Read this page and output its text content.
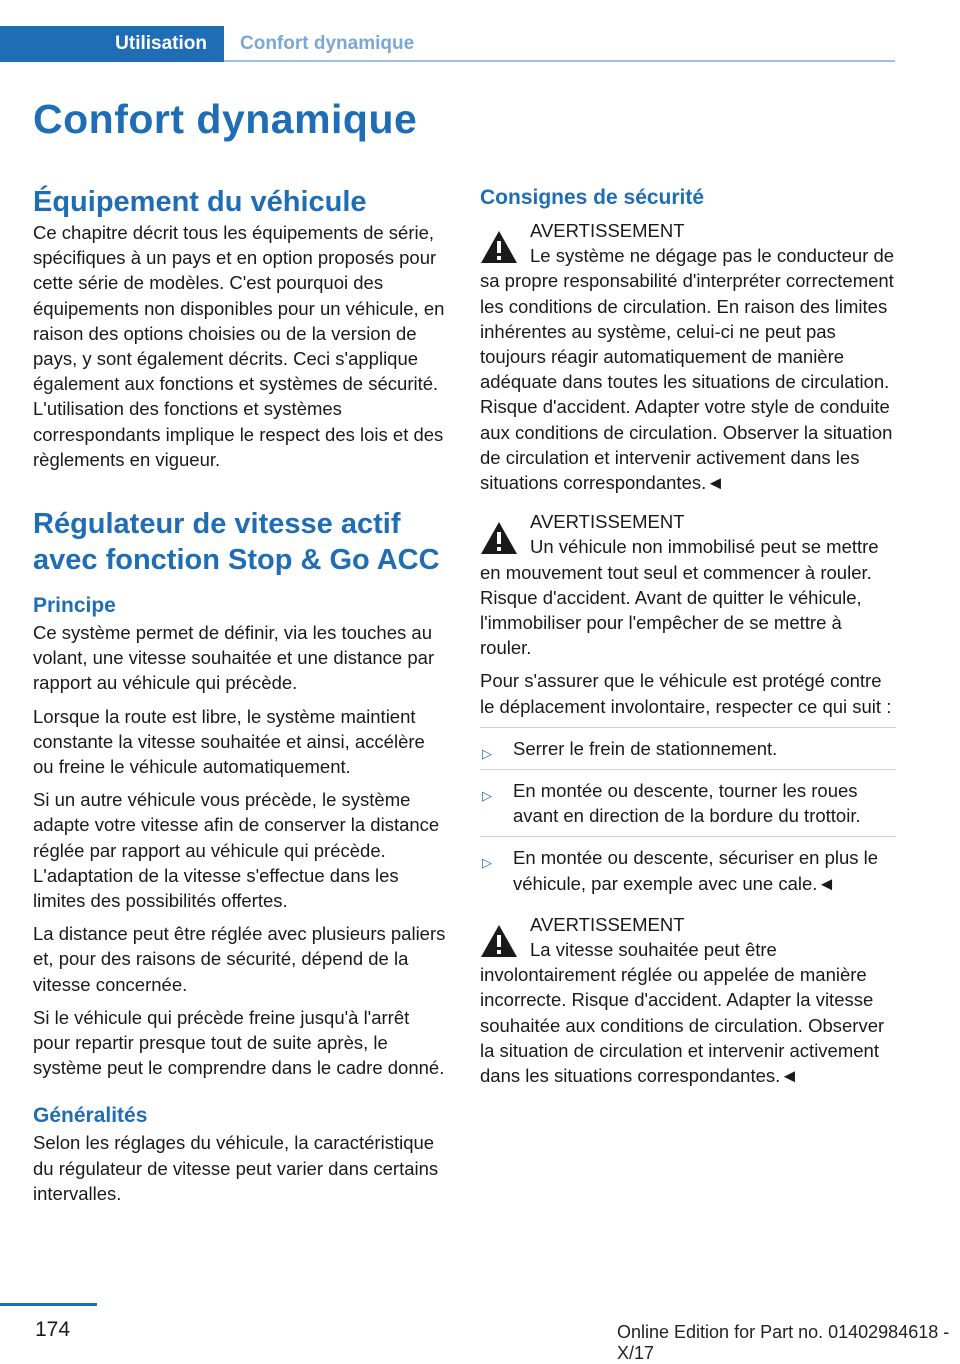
Utilisation	Confort dynamique
Confort dynamique
Équipement du véhicule

Ce chapitre décrit tous les équipements de série, spécifiques à un pays et en option proposés pour cette série de modèles. C'est pourquoi des équipements non disponibles pour un véhicule, en raison des options choisies ou de la version de pays, y sont également décrits. Ceci s'applique également aux fonctions et systèmes de sécurité. L'utilisation des fonctions et systèmes correspondants implique le respect des lois et des règlements en vigueur.

Régulateur de vitesse actif avec fonction Stop & Go ACC
Principe

Ce système permet de définir, via les touches au volant, une vitesse souhaitée et une distance par rapport au véhicule qui précède.

Lorsque la route est libre, le système maintient constante la vitesse souhaitée et ainsi, accélère ou freine le véhicule automatiquement.

Si un autre véhicule vous précède, le système adapte votre vitesse afin de conserver la distance réglée par rapport au véhicule qui précède. L'adaptation de la vitesse s'effectue dans les limites des possibilités offertes.

La distance peut être réglée avec plusieurs paliers et, pour des raisons de sécurité, dépend de la vitesse concernée.

Si le véhicule qui précède freine jusqu'à l'arrêt pour repartir presque tout de suite après, le système peut le comprendre dans le cadre donné.

Généralités

Selon les réglages du véhicule, la caractéristique du régulateur de vitesse peut varier dans certains intervalles.

Consignes de sécurité
AVERTISSEMENT

Le système ne dégage pas le conducteur de sa propre responsabilité d'interpréter correctement les conditions de circulation. En raison des limites inhérentes au système, celui-ci ne peut pas toujours réagir automatiquement de manière adéquate dans toutes les situations de circulation. Risque d'accident. Adapter votre style de conduite aux conditions de circulation. Observer la situation de circulation et intervenir activement dans les situations correspondantes.◄

AVERTISSEMENT

Un véhicule non immobilisé peut se mettre en mouvement tout seul et commencer à rouler. Risque d'accident. Avant de quitter le véhicule, l'immobiliser pour l'empêcher de se mettre à rouler.

Pour s'assurer que le véhicule est protégé contre le déplacement involontaire, respecter ce qui suit :

▷ Serrer le frein de stationnement.
▷ En montée ou descente, tourner les roues avant en direction de la bordure du trottoir.
▷ En montée ou descente, sécuriser en plus le véhicule, par exemple avec une cale.◄
AVERTISSEMENT

La vitesse souhaitée peut être involontairement réglée ou appelée de manière incorrecte. Risque d'accident. Adapter la vitesse souhaitée aux conditions de circulation. Observer la situation de circulation et intervenir activement dans les situations correspondantes.◄

174	Online Edition for Part no. 01402984618 - X/17
